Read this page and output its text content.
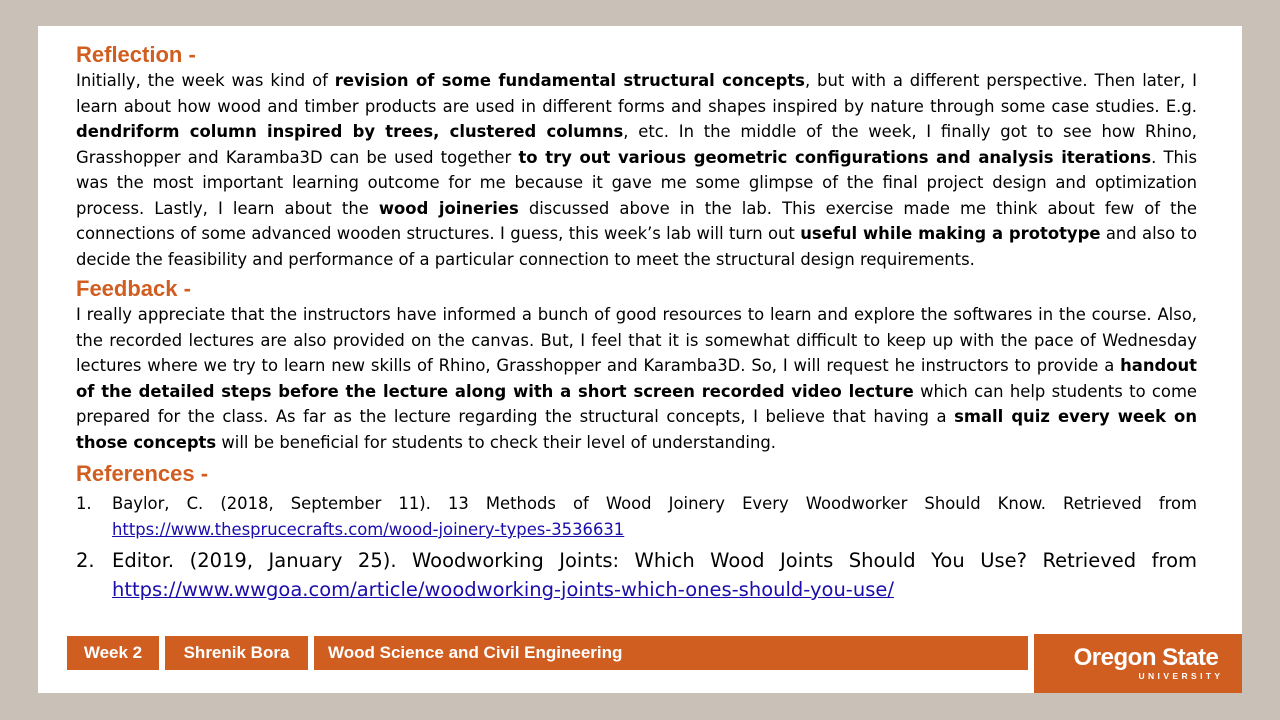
Reflection -

Initially, the week was kind of revision of some fundamental structural concepts, but with a different perspective. Then later, I learn about how wood and timber products are used in different forms and shapes inspired by nature through some case studies. E.g. dendriform column inspired by trees, clustered columns, etc. In the middle of the week, I finally got to see how Rhino, Grasshopper and Karamba3D can be used together to try out various geometric configurations and analysis iterations. This was the most important learning outcome for me because it gave me some glimpse of the final project design and optimization process. Lastly, I learn about the wood joineries discussed above in the lab. This exercise made me think about few of the connections of some advanced wooden structures. I guess, this week’s lab will turn out useful while making a prototype and also to decide the feasibility and performance of a particular connection to meet the structural design requirements.

Feedback -

I really appreciate that the instructors have informed a bunch of good resources to learn and explore the softwares in the course. Also, the recorded lectures are also provided on the canvas. But, I feel that it is somewhat difficult to keep up with the pace of Wednesday lectures where we try to learn new skills of Rhino, Grasshopper and Karamba3D. So, I will request he instructors to provide a handout of the detailed steps before the lecture along with a short screen recorded video lecture which can help students to come prepared for the class. As far as the lecture regarding the structural concepts, I believe that having a small quiz every week on those concepts will be beneficial for students to check their level of understanding.

References -
1. Baylor, C. (2018, September 11). 13 Methods of Wood Joinery Every Woodworker Should Know. Retrieved from https://www.thesprucecrafts.com/wood-joinery-types-3536631
2. Editor. (2019, January 25). Woodworking Joints: Which Wood Joints Should You Use? Retrieved from https://www.wwgoa.com/article/woodworking-joints-which-ones-should-you-use/
Week 2	Shrenik Bora	Wood Science and Civil Engineering	Oregon State
UNIVERSITY
